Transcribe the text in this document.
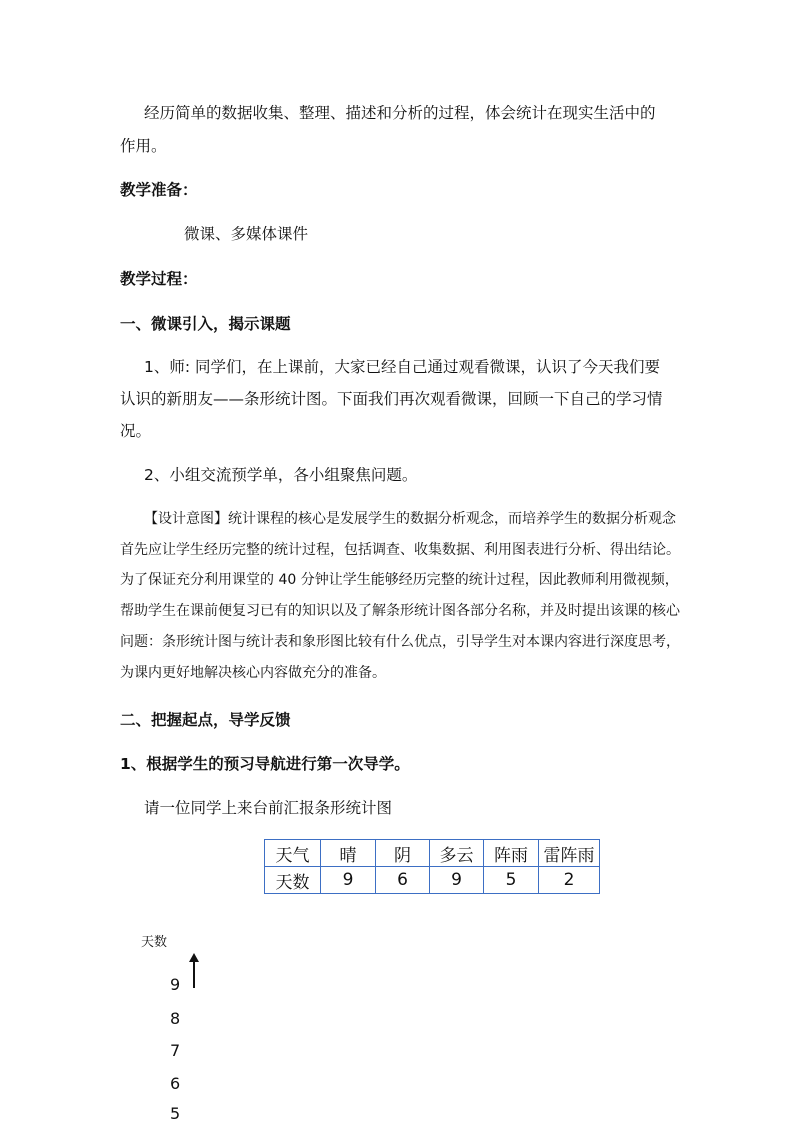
经历简单的数据收集、整理、描述和分析的过程，体会统计在现实生活中的
作用。
教学准备：
微课、多媒体课件
教学过程：
一、微课引入，揭示课题
1、师: 同学们，在上课前，大家已经自己通过观看微课，认识了今天我们要
认识的新朋友——条形统计图。下面我们再次观看微课，回顾一下自己的学习情
况。
2、小组交流预学单，各小组聚焦问题。
【设计意图】统计课程的核心是发展学生的数据分析观念，而培养学生的数据分析观念
首先应让学生经历完整的统计过程，包括调查、收集数据、利用图表进行分析、得出结论。
为了保证充分利用课堂的 40 分钟让学生能够经历完整的统计过程，因此教师利用微视频，
帮助学生在课前便复习已有的知识以及了解条形统计图各部分名称，并及时提出该课的核心
问题：条形统计图与统计表和象形图比较有什么优点，引导学生对本课内容进行深度思考，
为课内更好地解决核心内容做充分的准备。
二、把握起点，导学反馈
1、根据学生的预习导航进行第一次导学。
请一位同学上来台前汇报条形统计图
天气	晴	阴	多云	阵雨	雷阵雨
天数	9	6	9	5	2
天数
9
8
7
6
5
